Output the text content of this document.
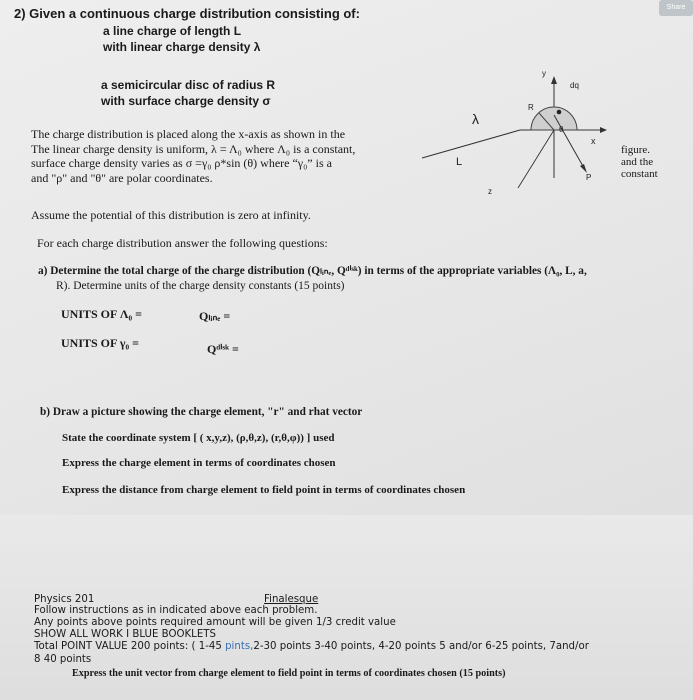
Share
2) Given a continuous charge distribution consisting of:
a line charge of length L
with linear charge density λ
a semicircular disc of radius R
with surface charge density σ
The charge distribution is placed along the x-axis as shown in the
The linear charge density is uniform, λ = Λ₀ where Λ₀ is a constant,
surface charge density varies as σ =γ₀ ρ*sin (θ) where “γ₀” is a
and "ρ" and "θ" are polar coordinates.
figure.
and the
constant
λ
L
R
θ
x
y
z
dq
P
Assume the potential of this distribution is zero at infinity.
For each charge distribution answer the following questions:
a) Determine the total charge of the charge distribution (Qₗᵢₙₑ, Qᵈⁱˢᵏ) in terms of the appropriate variables (Λ₀, L, a,
R). Determine units of the charge density constants (15 points)
UNITS OF Λ₀ =	Qₗᵢₙₑ =
UNITS OF γ₀ =	Qᵈⁱˢᵏ =
b) Draw a picture showing the charge element, "r" and rhat vector
State the coordinate system [ ( x,y,z), (ρ,θ,z), (r,θ,φ)) ] used
Express the charge element in terms of coordinates chosen
Express the distance from charge element to field point in terms of coordinates chosen
Physics 201	Finalesque
Follow instructions as in indicated above each problem.
Any points above points required amount will be given 1/3 credit value
SHOW ALL WORK I BLUE BOOKLETS
Total POINT VALUE 200 points: ( 1-45 pints,2-30 points 3-40 points, 4-20 points 5 and/or 6-25 points, 7and/or
8 40 points
Express the unit vector from charge element to field point in terms of coordinates chosen (15 points)
